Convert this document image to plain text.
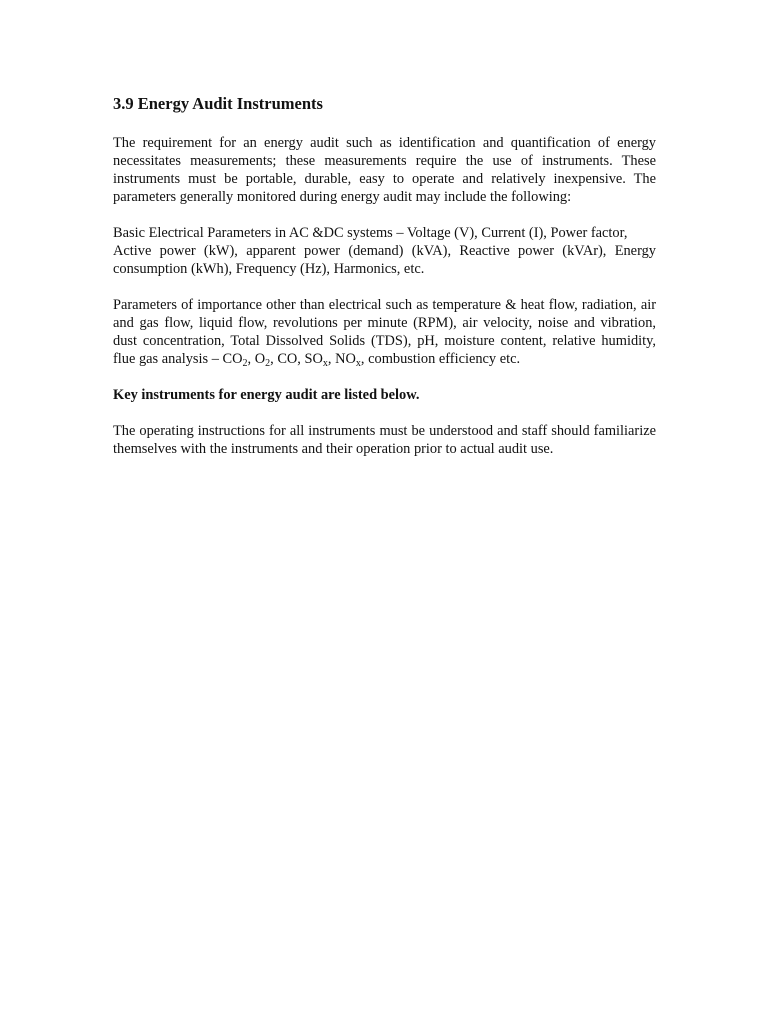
3.9 Energy Audit Instruments

The requirement for an energy audit such as identification and quantification of energy necessitates measurements; these measurements require the use of instruments. These instruments must be portable, durable, easy to operate and relatively inexpensive. The parameters generally monitored during energy audit may include the following:

Basic Electrical Parameters in AC &DC systems – Voltage (V), Current (I), Power factor,

Active power (kW), apparent power (demand) (kVA), Reactive power (kVAr), Energy consumption (kWh), Frequency (Hz), Harmonics, etc.

Parameters of importance other than electrical such as temperature & heat flow, radiation, air and gas flow, liquid flow, revolutions per minute (RPM), air velocity, noise and vibration, dust concentration, Total Dissolved Solids (TDS), pH, moisture content, relative humidity, flue gas analysis – $CO_2$, $O_2$, CO, $SO_x$, $NO_x$, combustion efficiency etc.

Key instruments for energy audit are listed below.

The operating instructions for all instruments must be understood and staff should familiarize themselves with the instruments and their operation prior to actual audit use.
